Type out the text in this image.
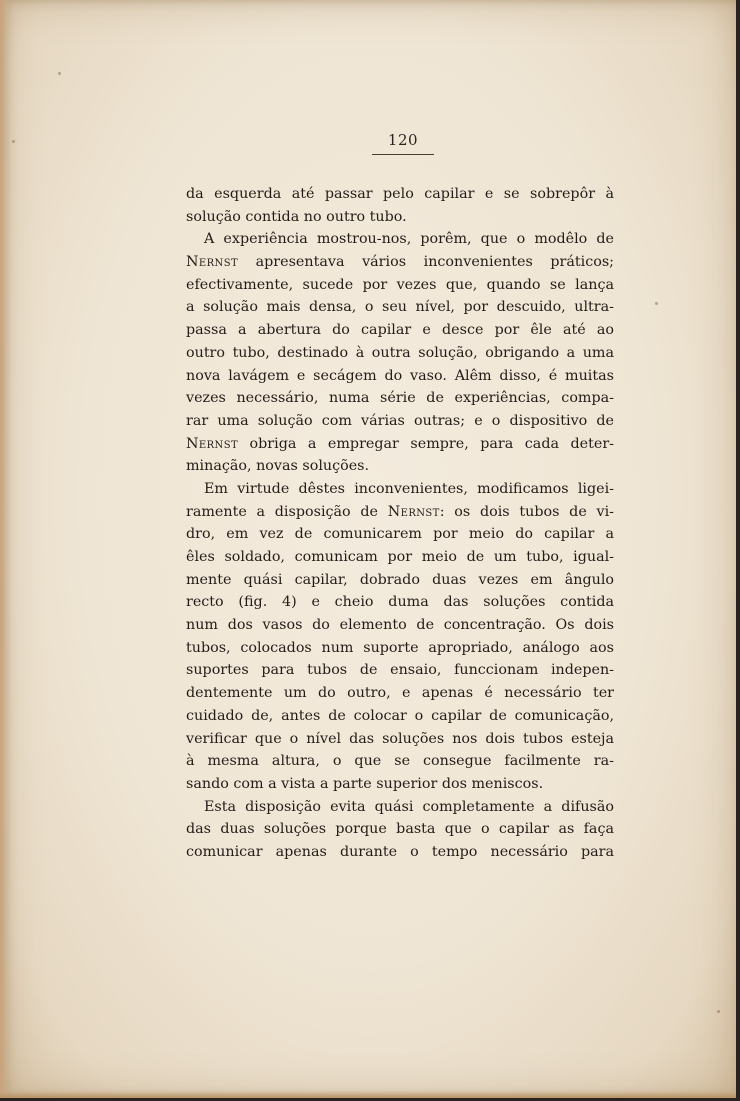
120
da esquerda até passar pelo capilar e se sobrepôr à
solução contida no outro tubo.
A experiência mostrou-nos, porêm, que o modêlo de
Nernst apresentava vários inconvenientes práticos;
efectivamente, sucede por vezes que, quando se lança
a solução mais densa, o seu nível, por descuido, ultra-
passa a abertura do capilar e desce por êle até ao
outro tubo, destinado à outra solução, obrigando a uma
nova lavágem e secágem do vaso. Alêm disso, é muitas
vezes necessário, numa série de experiências, compa-
rar uma solução com várias outras; e o dispositivo de
Nernst obriga a empregar sempre, para cada deter-
minação, novas soluções.
Em virtude dêstes inconvenientes, modificamos ligei-
ramente a disposição de Nernst: os dois tubos de vi-
dro, em vez de comunicarem por meio do capilar a
êles soldado, comunicam por meio de um tubo, igual-
mente quási capilar, dobrado duas vezes em ângulo
recto (fig. 4) e cheio duma das soluções contida
num dos vasos do elemento de concentração. Os dois
tubos, colocados num suporte apropriado, análogo aos
suportes para tubos de ensaio, funccionam indepen-
dentemente um do outro, e apenas é necessário ter
cuidado de, antes de colocar o capilar de comunicação,
verificar que o nível das soluções nos dois tubos esteja
à mesma altura, o que se consegue facilmente ra-
sando com a vista a parte superior dos meniscos.
Esta disposição evita quási completamente a difusão
das duas soluções porque basta que o capilar as faça
comunicar apenas durante o tempo necessário para
